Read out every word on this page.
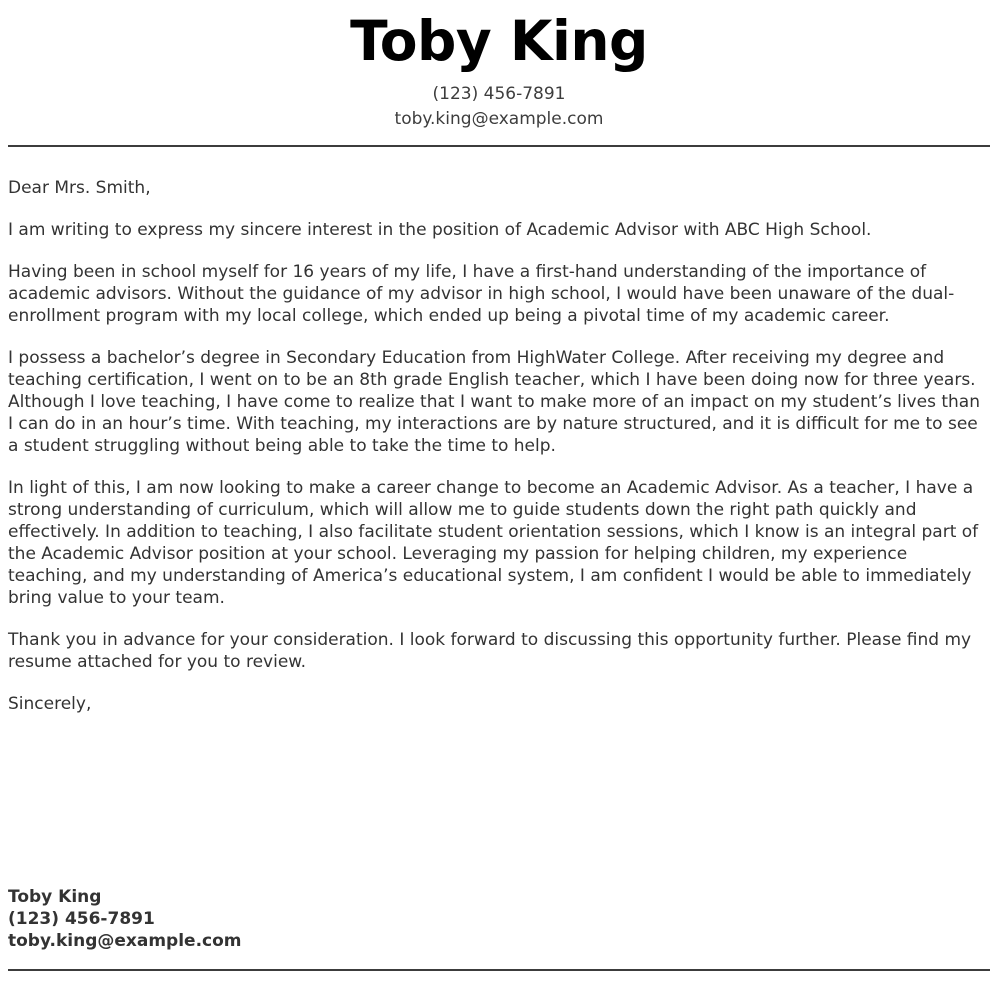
Toby King
(123) 456-7891
toby.king@example.com

Dear Mrs. Smith,

I am writing to express my sincere interest in the position of Academic Advisor with ABC High School.

Having been in school myself for 16 years of my life, I have a first-hand understanding of the importance of academic advisors. Without the guidance of my advisor in high school, I would have been unaware of the dual-enrollment program with my local college, which ended up being a pivotal time of my academic career.

I possess a bachelor’s degree in Secondary Education from HighWater College. After receiving my degree and teaching certification, I went on to be an 8th grade English teacher, which I have been doing now for three years. Although I love teaching, I have come to realize that I want to make more of an impact on my student’s lives than I can do in an hour’s time. With teaching, my interactions are by nature structured, and it is difficult for me to see a student struggling without being able to take the time to help.

In light of this, I am now looking to make a career change to become an Academic Advisor. As a teacher, I have a strong understanding of curriculum, which will allow me to guide students down the right path quickly and effectively. In addition to teaching, I also facilitate student orientation sessions, which I know is an integral part of the Academic Advisor position at your school. Leveraging my passion for helping children, my experience teaching, and my understanding of America’s educational system, I am confident I would be able to immediately bring value to your team.

Thank you in advance for your consideration. I look forward to discussing this opportunity further. Please find my resume attached for you to review.

Sincerely,

Toby King
(123) 456-7891
toby.king@example.com
